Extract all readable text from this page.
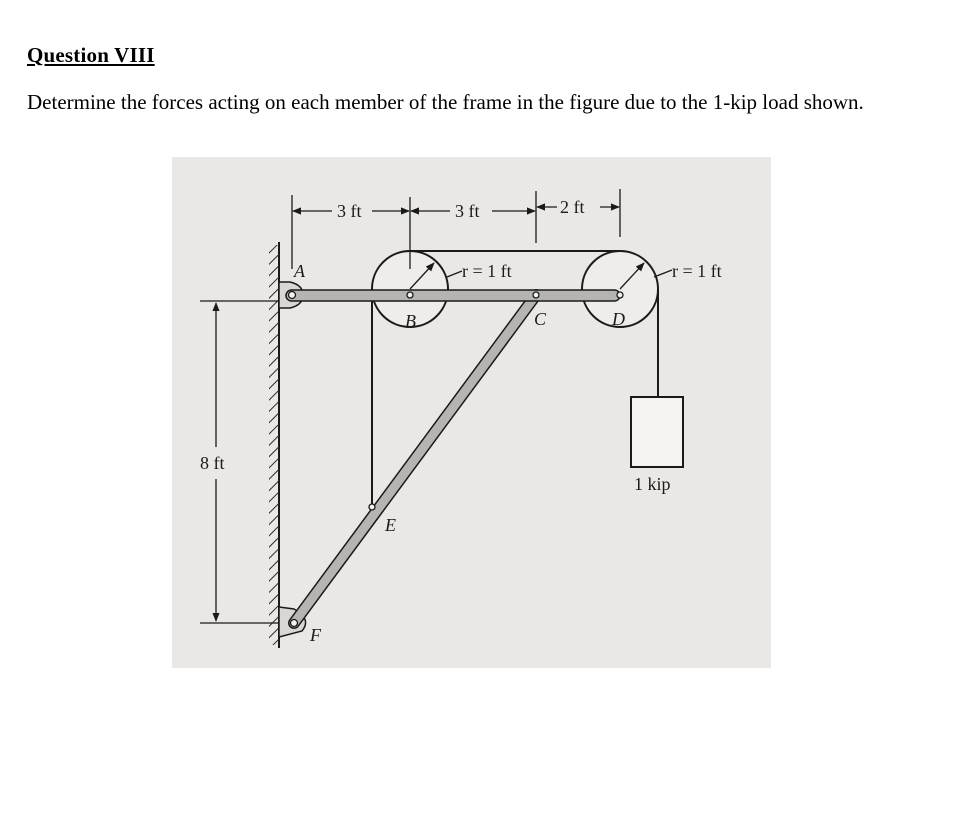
Question VIII

Determine the forces acting on each member of the frame in the figure due to the 1-kip load shown.

3 ft	3 ft	2 ft
8 ft
r = 1 ft	r = 1 ft
A
B	C	D
E
F
1 kip
